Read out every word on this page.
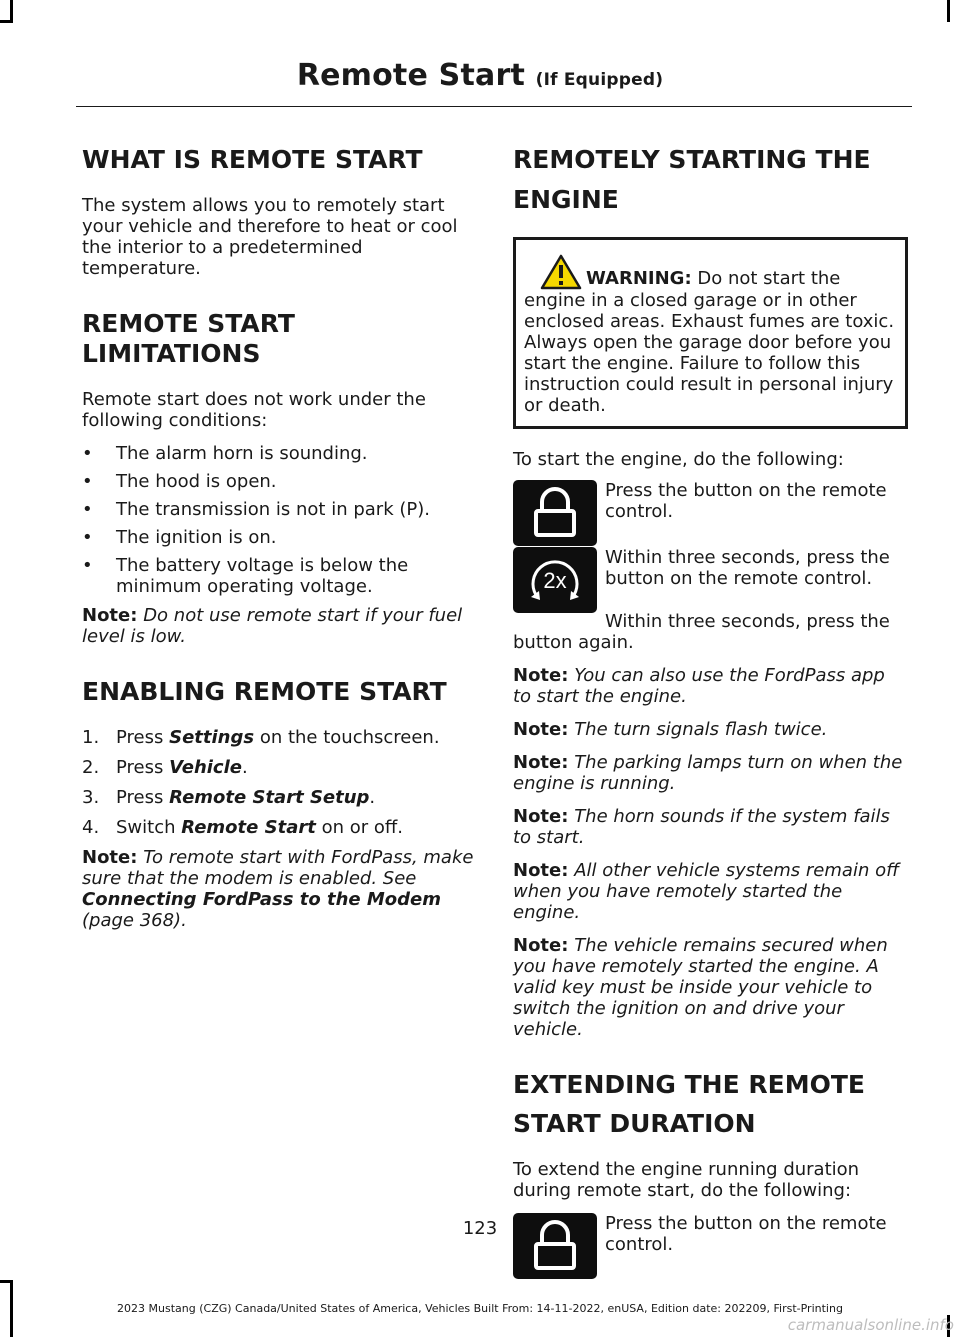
Remote Start (If Equipped)
WHAT IS REMOTE START

The system allows you to remotely start your vehicle and therefore to heat or cool the interior to a predetermined temperature.

REMOTE START LIMITATIONS

Remote start does not work under the following conditions:

• The alarm horn is sounding.
• The hood is open.
• The transmission is not in park (P).
• The ignition is on.
• The battery voltage is below the minimum operating voltage.

Note: Do not use remote start if your fuel level is low.

ENABLING REMOTE START
1. Press Settings on the touchscreen.
2. Press Vehicle.
3. Press Remote Start Setup.
4. Switch Remote Start on or off.

Note: To remote start with FordPass, make sure that the modem is enabled. See Connecting FordPass to the Modem (page 368).

REMOTELY STARTING THE
ENGINE
WARNING: Do not start the engine in a closed garage or in other enclosed areas. Exhaust fumes are toxic. Always open the garage door before you start the engine. Failure to follow this instruction could result in personal injury or death.

To start the engine, do the following:

Press the button on the remote control.
2x
Within three seconds, press the button on the remote control.

Within three seconds, press the button again.

Note: You can also use the FordPass app to start the engine.

Note: The turn signals flash twice.

Note: The parking lamps turn on when the engine is running.

Note: The horn sounds if the system fails to start.

Note: All other vehicle systems remain off when you have remotely started the engine.

Note: The vehicle remains secured when you have remotely started the engine. A valid key must be inside your vehicle to switch the ignition on and drive your vehicle.

EXTENDING THE REMOTE
START DURATION

To extend the engine running duration during remote start, do the following:

Press the button on the remote control.
123
2023 Mustang (CZG) Canada/United States of America, Vehicles Built From: 14-11-2022, enUSA, Edition date: 202209, First-Printing
carmanualsonline.info
